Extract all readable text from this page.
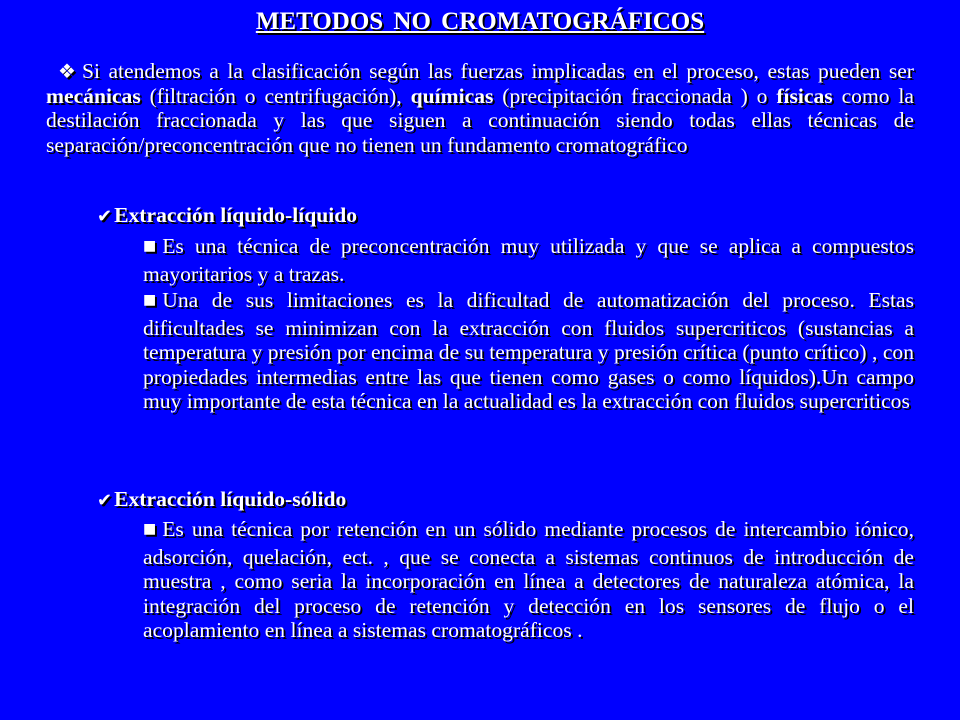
METODOS NO CROMATOGRÁFICOS
❖ Si atendemos a la clasificación según las fuerzas implicadas en el proceso, estas pueden ser mecánicas (filtración o centrifugación), químicas (precipitación fraccionada ) o físicas como la destilación fraccionada y las que siguen a continuación siendo todas ellas técnicas de separación/preconcentración que no tienen un fundamento cromatográfico
✔Extracción líquido-líquido
■ Es una técnica de preconcentración muy utilizada y que se aplica a compuestos mayoritarios y a trazas.
■ Una de sus limitaciones es la dificultad de automatización del proceso. Estas dificultades se minimizan con la extracción con fluidos supercriticos (sustancias a temperatura y presión por encima de su temperatura y presión crítica (punto crítico) , con propiedades intermedias entre las que tienen como gases o como líquidos).Un campo muy importante de esta técnica en la actualidad es la extracción con fluidos supercriticos
✔Extracción líquido-sólido
■ Es una técnica por retención en un sólido mediante procesos de intercambio iónico, adsorción, quelación, ect. , que se conecta a sistemas continuos de introducción de muestra , como seria la incorporación en línea a detectores de naturaleza atómica, la integración del proceso de retención y detección en los sensores de flujo o el acoplamiento en línea a sistemas cromatográficos .
